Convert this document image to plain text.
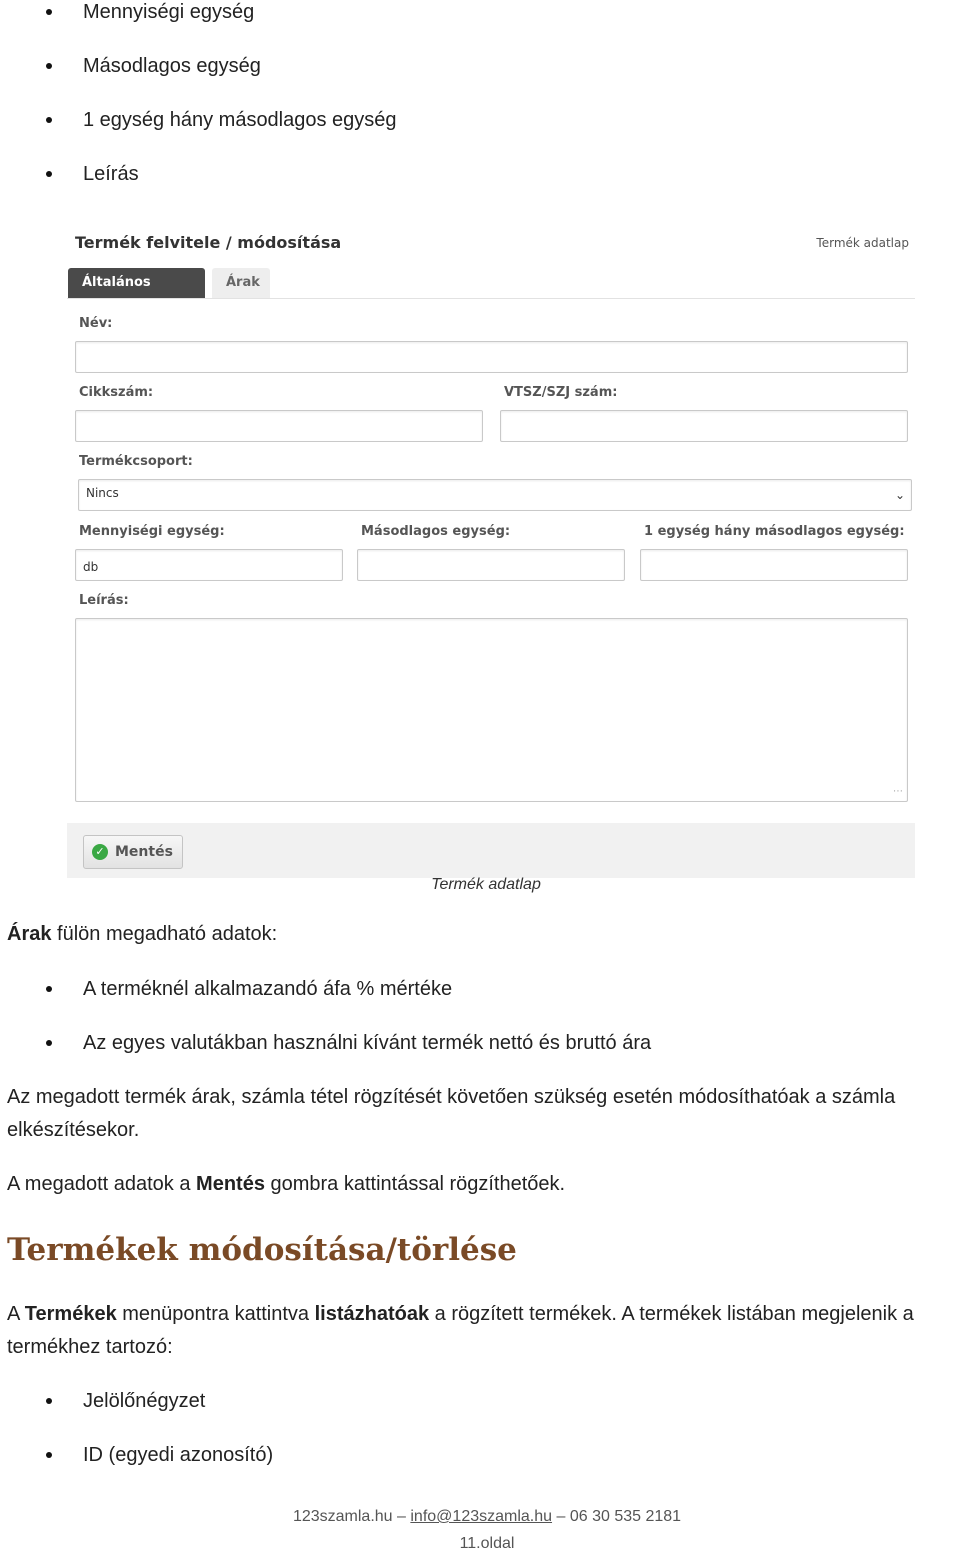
Mennyiségi egység
Másodlagos egység
1 egység hány másodlagos egység
Leírás
Termék felvitele / módosítása	Termék adatlap
Általános adatok
Árak
Név:
Cikkszám:	VTSZ/SZJ szám:
Termékcsoport:
Nincs	⌄
Mennyiségi egység:
db
Másodlagos egység:	1 egység hány másodlagos egység:
Leírás:
⋯
✓ Mentés
Termék adatlap
Árak fülön megadható adatok:
A terméknél alkalmazandó áfa % mértéke
Az egyes valutákban használni kívánt termék nettó és bruttó ára
Az megadott termék árak, számla tétel rögzítését követően szükség esetén módosíthatóak a számla elkészítésekor.
A megadott adatok a Mentés gombra kattintással rögzíthetőek.
Termékek módosítása/törlése
A Termékek menüpontra kattintva listázhatóak a rögzített termékek. A termékek listában megjelenik a termékhez tartozó:
Jelölőnégyzet
ID (egyedi azonosító)
123szamla.hu – info@123szamla.hu – 06 30 535 2181
11.oldal
